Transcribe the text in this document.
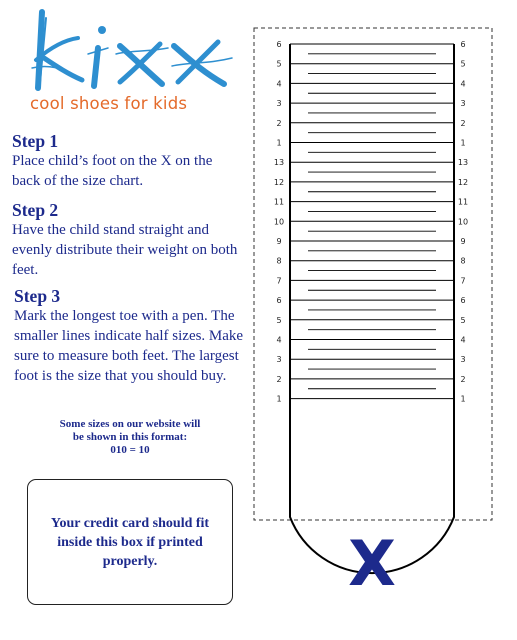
cool shoes for kids
Step 1
Place child’s foot on the X on the back of the size chart.
Step 2
Have the child stand straight and evenly distribute their weight on both feet.
Step 3
Mark the longest toe with a pen. The smaller lines indicate half sizes. Make sure to measure both feet. The largest foot is the size that you should buy.
Some sizes on our website will
be shown in this format:
010 = 10
Your credit card should fit inside this box if printed properly.
6	6
5	5
4	4
3	3
2	2
1	1
13	13
12	12
11	11
10	10
9	9
8	8
7	7
6	6
5	5
4	4
3	3
2	2
1	1
X
